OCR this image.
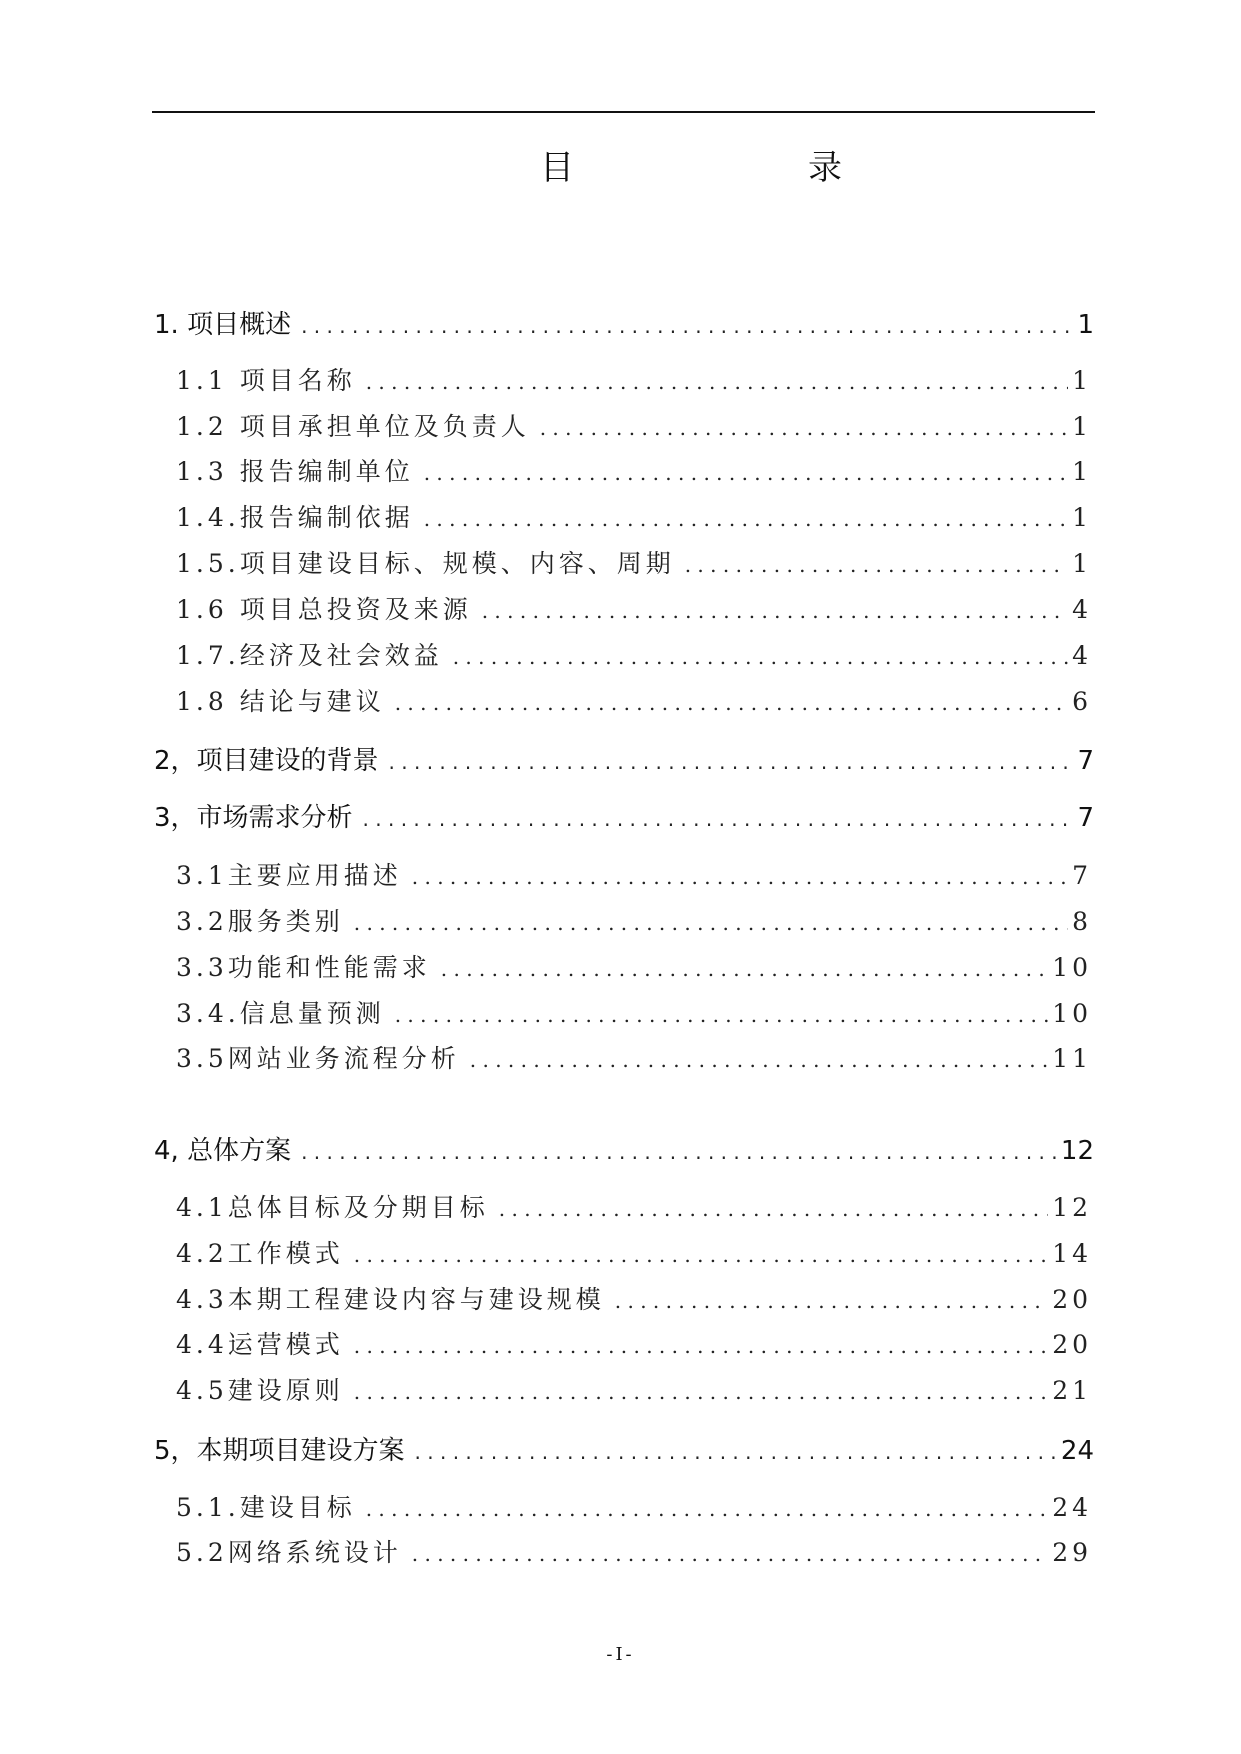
目　录
1. 项目概述 . . .	1
1.1 项目名称 . . .	1
1.2 项目承担单位及负责人 . . .	1
1.3 报告编制单位 . . .	1
1.4.报告编制依据 . . .	1
1.5.项目建设目标、规模、内容、周期 . . .	1
1.6 项目总投资及来源 . . .	4
1.7.经济及社会效益 . . .	4
1.8 结论与建议 . . .	6
2，项目建设的背景 . . .	7
3，市场需求分析 . . .	7
3.1主要应用描述 . . .	7
3.2服务类别 . . .	8
3.3功能和性能需求 . . .	10
3.4.信息量预测 . . .	10
3.5网站业务流程分析 . . .	11
4, 总体方案 . . .	12
4.1总体目标及分期目标 . . .	12
4.2工作模式 . . .	14
4.3本期工程建设内容与建设规模 . . .	20
4.4运营模式 . . .	20
4.5建设原则 . . .	21
5，本期项目建设方案 . . .	24
5.1.建设目标 . . .	24
5.2网络系统设计 . . .	29
-I-
